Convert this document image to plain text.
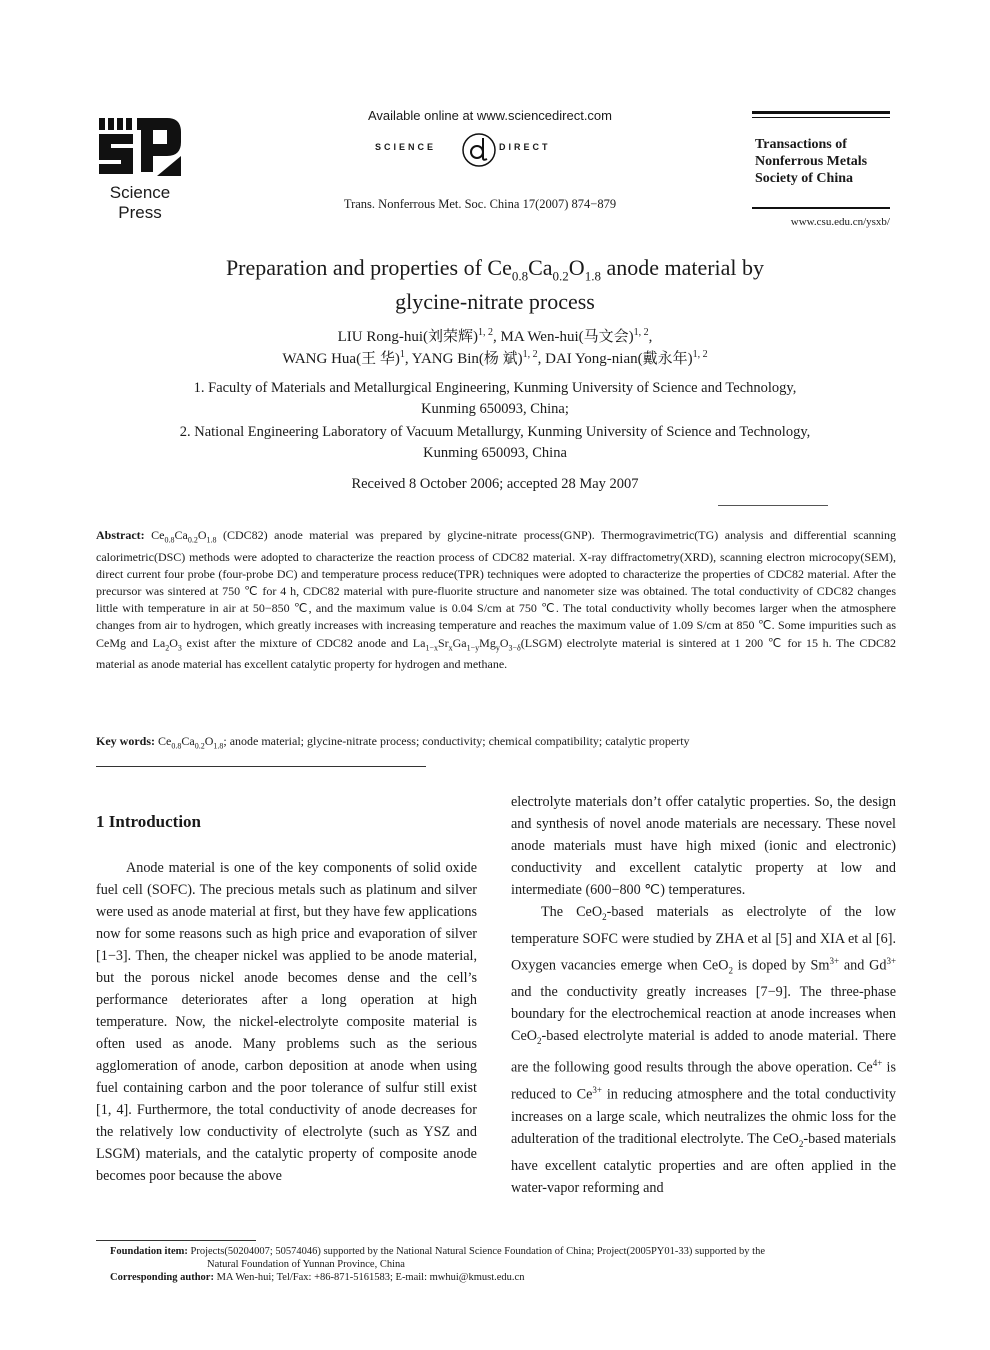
Science
Press
Available online at www.sciencedirect.com
SCIENCE	DIRECT
Trans. Nonferrous Met. Soc. China 17(2007) 874−879
Transactions of
Nonferrous Metals
Society of China
www.csu.edu.cn/ysxb/
Preparation and properties of $Ce_{0.8}Ca_{0.2}O_{1.8}$ anode material by
glycine-nitrate process
LIU Rong-hui(刘荣辉)$^{1, 2}$, MA Wen-hui(马文会)$^{1, 2}$,
WANG Hua(王 华)$^1$, YANG Bin(杨 斌)$^{1, 2}$, DAI Yong-nian(戴永年)$^{1, 2}$
1. Faculty of Materials and Metallurgical Engineering, Kunming University of Science and Technology,
Kunming 650093, China;
2. National Engineering Laboratory of Vacuum Metallurgy, Kunming University of Science and Technology,
Kunming 650093, China
Received 8 October 2006; accepted 28 May 2007
Abstract: $Ce_{0.8}Ca_{0.2}O_{1.8}$ (CDC82) anode material was prepared by glycine-nitrate process(GNP). Thermogravimetric(TG) analysis and differential scanning calorimetric(DSC) methods were adopted to characterize the reaction process of CDC82 material. X-ray diffractometry(XRD), scanning electron microcopy(SEM), direct current four probe (four-probe DC) and temperature process reduce(TPR) techniques were adopted to characterize the properties of CDC82 material. After the precursor was sintered at 750 ℃ for 4 h, CDC82 material with pure-fluorite structure and nanometer size was obtained. The total conductivity of CDC82 changes little with temperature in air at 50−850 ℃, and the maximum value is 0.04 S/cm at 750 ℃. The total conductivity wholly becomes larger when the atmosphere changes from air to hydrogen, which greatly increases with increasing temperature and reaches the maximum value of 1.09 S/cm at 850 ℃. Some impurities such as CeMg and $La_2O_3$ exist after the mixture of CDC82 anode and $La_{1-x}Sr_xGa_{1-y}Mg_yO_{3-\delta}(LSGM)$ electrolyte material is sintered at 1 200 ℃ for 15 h. The CDC82 material as anode material has excellent catalytic property for hydrogen and methane.
Key words: $Ce_{0.8}Ca_{0.2}O_{1.8}$; anode material; glycine-nitrate process; conductivity; chemical compatibility; catalytic property
1 Introduction

Anode material is one of the key components of solid oxide fuel cell (SOFC). The precious metals such as platinum and silver were used as anode material at first, but they have few applications now for some reasons such as high price and evaporation of silver [1−3]. Then, the cheaper nickel was applied to be anode material, but the porous nickel anode becomes dense and the cell’s performance deteriorates after a long operation at high temperature. Now, the nickel-electrolyte composite material is often used as anode. Many problems such as the serious agglomeration of anode, carbon deposition at anode when using fuel containing carbon and the poor tolerance of sulfur still exist [1, 4]. Furthermore, the total conductivity of anode decreases for the relatively low conductivity of electrolyte (such as YSZ and LSGM) materials, and the catalytic property of composite anode becomes poor because the above

electrolyte materials don’t offer catalytic properties. So, the design and synthesis of novel anode materials are necessary. These novel anode materials must have high mixed (ionic and electronic) conductivity and excellent catalytic property at low and intermediate (600−800 ℃) temperatures.

The CeO$_2$-based materials as electrolyte of the low temperature SOFC were studied by ZHA et al [5] and XIA et al [6]. Oxygen vacancies emerge when CeO$_2$ is doped by $Sm^{3+}$ and $Gd^{3+}$ and the conductivity greatly increases [7−9]. The three-phase boundary for the electrochemical reaction at anode increases when CeO$_2$-based electrolyte material is added to anode material. There are the following good results through the above operation. $Ce^{4+}$ is reduced to $Ce^{3+}$ in reducing atmosphere and the total conductivity increases on a large scale, which neutralizes the ohmic loss for the adulteration of the traditional electrolyte. The CeO$_2$-based materials have excellent catalytic properties and are often applied in the water-vapor reforming and

Foundation item: Projects(50204007; 50574046) supported by the National Natural Science Foundation of China; Project(2005PY01-33) supported by the
Natural Foundation of Yunnan Province, China
Corresponding author: MA Wen-hui; Tel/Fax: +86-871-5161583; E-mail: mwhui@kmust.edu.cn
